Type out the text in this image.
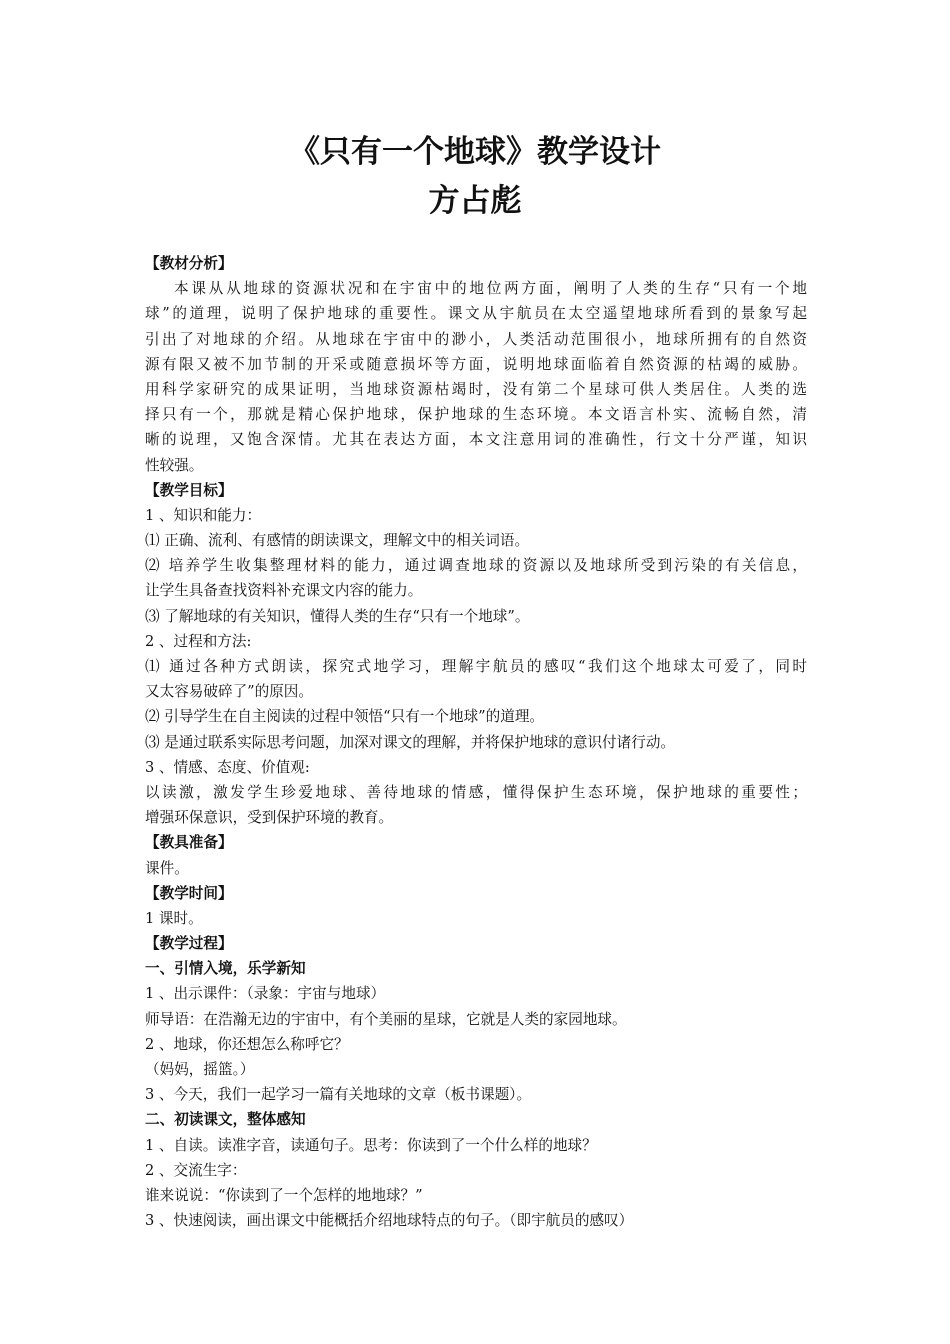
《只有一个地球》教学设计
方占彪
【教材分析】
本课从从地球的资源状况和在宇宙中的地位两方面，阐明了人类的生存“只有一个地
球”的道理，说明了保护地球的重要性。课文从宇航员在太空遥望地球所看到的景象写起
引出了对地球的介绍。从地球在宇宙中的渺小，人类活动范围很小，地球所拥有的自然资
源有限又被不加节制的开采或随意损坏等方面，说明地球面临着自然资源的枯竭的威胁。
用科学家研究的成果证明，当地球资源枯竭时，没有第二个星球可供人类居住。人类的选
择只有一个，那就是精心保护地球，保护地球的生态环境。本文语言朴实、流畅自然，清
晰的说理，又饱含深情。尤其在表达方面，本文注意用词的准确性，行文十分严谨，知识
性较强。
【教学目标】
1 、知识和能力：
⑴ 正确、流利、有感情的朗读课文，理解文中的相关词语。
⑵ 培养学生收集整理材料的能力，通过调查地球的资源以及地球所受到污染的有关信息，
让学生具备查找资料补充课文内容的能力。
⑶ 了解地球的有关知识，懂得人类的生存“只有一个地球”。
2 、过程和方法:
⑴ 通过各种方式朗读，探究式地学习，理解宇航员的感叹“我们这个地球太可爱了，同时
又太容易破碎了”的原因。
⑵ 引导学生在自主阅读的过程中领悟“只有一个地球”的道理。
⑶ 是通过联系实际思考问题，加深对课文的理解，并将保护地球的意识付诸行动。
3 、情感、态度、价值观:
以读激，激发学生珍爱地球、善待地球的情感，懂得保护生态环境，保护地球的重要性；
增强环保意识，受到保护环境的教育。
【教具准备】
课件。
【教学时间】
1 课时。
【教学过程】
一、引情入境，乐学新知
1 、出示课件：（录象：宇宙与地球）
师导语：在浩瀚无边的宇宙中，有个美丽的星球，它就是人类的家园地球。
2 、地球，你还想怎么称呼它？
（妈妈，摇篮。）
3 、今天，我们一起学习一篇有关地球的文章（板书课题）。
二、初读课文，整体感知
1 、自读。读准字音，读通句子。思考：你读到了一个什么样的地球？
2 、交流生字：
谁来说说：“你读到了一个怎样的地地球？”
3 、快速阅读，画出课文中能概括介绍地球特点的句子。（即宇航员的感叹）
